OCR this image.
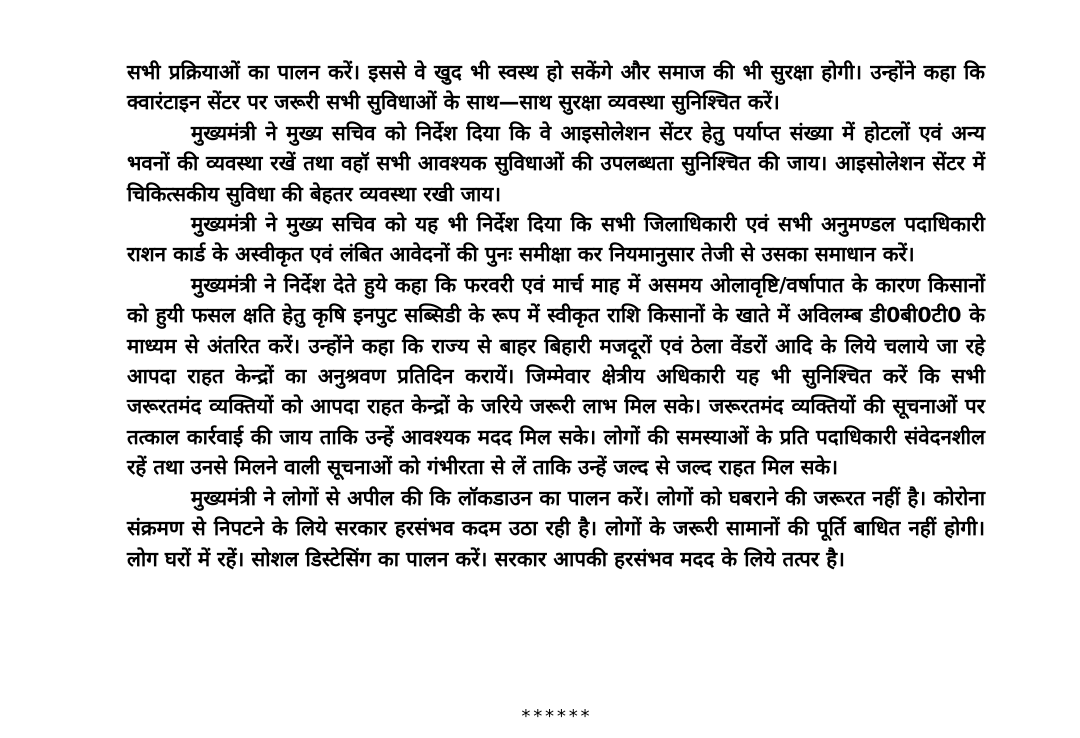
सभी प्रक्रियाओं का पालन करें। इससे वे खुद भी स्वस्थ हो सकेंगे और समाज की भी सुरक्षा होगी। उन्होंने कहा कि क्वारंटाइन सेंटर पर जरूरी सभी सुविधाओं के साथ—साथ सुरक्षा व्यवस्था सुनिश्चित करें।

मुख्यमंत्री ने मुख्य सचिव को निर्देश दिया कि वे आइसोलेशन सेंटर हेतु पर्याप्त संख्या में होटलों एवं अन्य भवनों की व्यवस्था रखें तथा वहॉ सभी आवश्यक सुविधाओं की उपलब्धता सुनिश्चित की जाय। आइसोलेशन सेंटर में चिकित्सकीय सुविधा की बेहतर व्यवस्था रखी जाय।

मुख्यमंत्री ने मुख्य सचिव को यह भी निर्देश दिया कि सभी जिलाधिकारी एवं सभी अनुमण्डल पदाधिकारी राशन कार्ड के अस्वीकृत एवं लंबित आवेदनों की पुनः समीक्षा कर नियमानुसार तेजी से उसका समाधान करें।

मुख्यमंत्री ने निर्देश देते हुये कहा कि फरवरी एवं मार्च माह में असमय ओलावृष्टि/वर्षापात के कारण किसानों को हुयी फसल क्षति हेतु कृषि इनपुट सब्सिडी के रूप में स्वीकृत राशि किसानों के खाते में अविलम्ब डी0बी0टी0 के माध्यम से अंतरित करें। उन्होंने कहा कि राज्य से बाहर बिहारी मजदूरों एवं ठेला वेंडरों आदि के लिये चलाये जा रहे आपदा राहत केन्द्रों का अनुश्रवण प्रतिदिन करायें। जिम्मेवार क्षेत्रीय अधिकारी यह भी सुनिश्चित करें कि सभी जरूरतमंद व्यक्तियों को आपदा राहत केन्द्रों के जरिये जरूरी लाभ मिल सके। जरूरतमंद व्यक्तियों की सूचनाओं पर तत्काल कार्रवाई की जाय ताकि उन्हें आवश्यक मदद मिल सके। लोगों की समस्याओं के प्रति पदाधिकारी संवेदनशील रहें तथा उनसे मिलने वाली सूचनाओं को गंभीरता से लें ताकि उन्हें जल्द से जल्द राहत मिल सके।

मुख्यमंत्री ने लोगों से अपील की कि लॉकडाउन का पालन करें। लोगों को घबराने की जरूरत नहीं है। कोरोना संक्रमण से निपटने के लिये सरकार हरसंभव कदम उठा रही है। लोगों के जरूरी सामानों की पूर्ति बाधित नहीं होगी। लोग घरों में रहें। सोशल डिस्टेसिंग का पालन करें। सरकार आपकी हरसंभव मदद के लिये तत्पर है।

******
